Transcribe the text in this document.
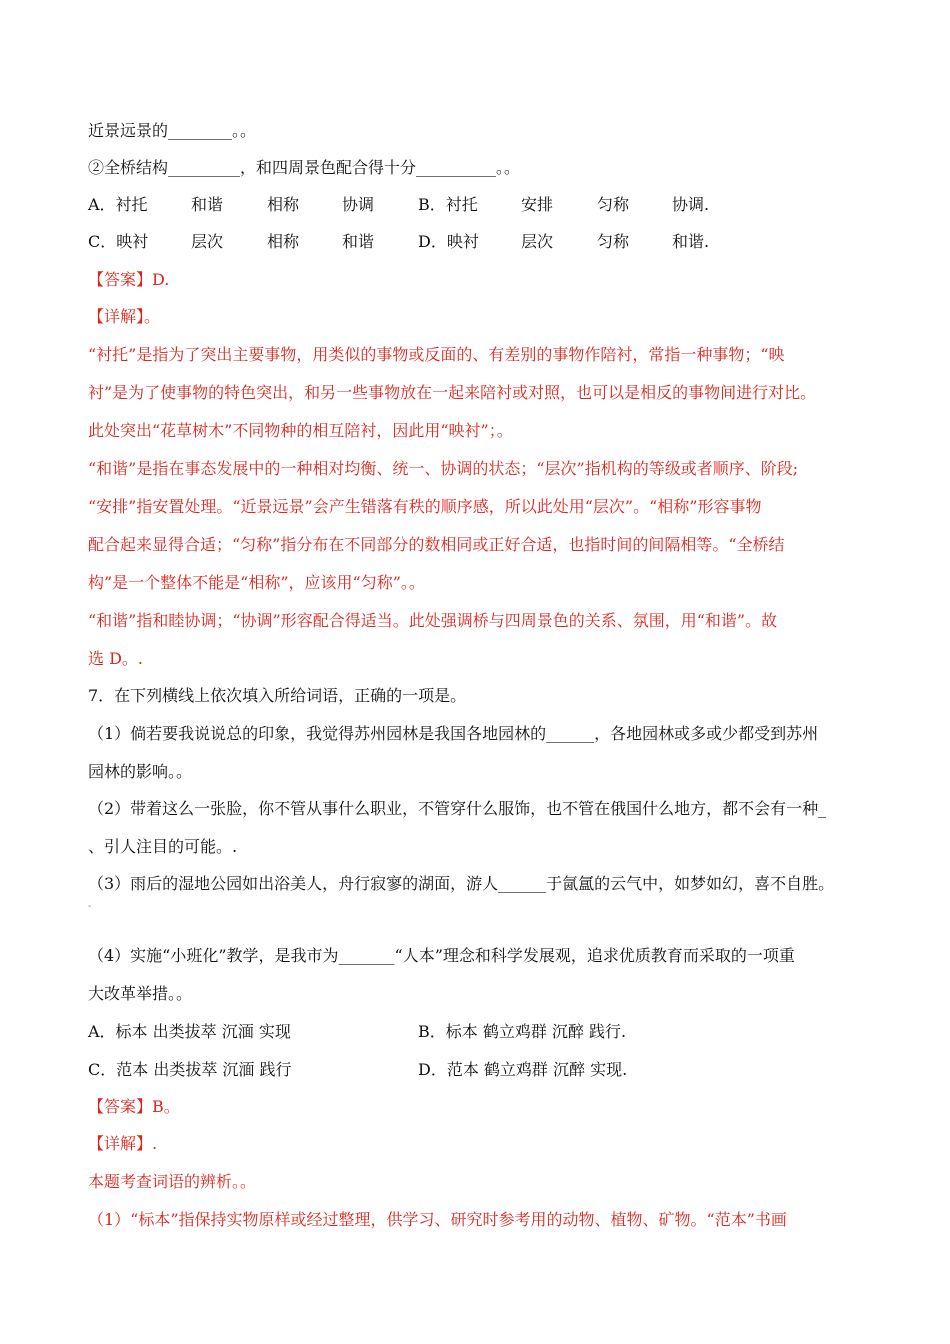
近景远景的________。。
②全桥结构_________，和四周景色配合得十分__________。。
A．衬托	和谐	相称	协调	B．衬托	安排	匀称	协调.
C．映衬	层次	相称	和谐	D．映衬	层次	匀称	和谐.
【答案】D.
【详解】。
“衬托”是指为了突出主要事物，用类似的事物或反面的、有差别的事物作陪衬，常指一种事物；“映
衬”是为了使事物的特色突出，和另一些事物放在一起来陪衬或对照，也可以是相反的事物间进行对比。
此处突出“花草树木”不同物种的相互陪衬，因此用“映衬”；。
“和谐”是指在事态发展中的一种相对均衡、统一、协调的状态；“层次”指机构的等级或者顺序、阶段;
“安排”指安置处理。“近景远景”会产生错落有秩的顺序感，所以此处用“层次”。“相称”形容事物
配合起来显得合适；“匀称”指分布在不同部分的数相同或正好合适，也指时间的间隔相等。“全桥结
构”是一个整体不能是“相称”，应该用“匀称”。。
“和谐”指和睦协调；“协调”形容配合得适当。此处强调桥与四周景色的关系、氛围，用“和谐”。故
选 D。.
7．在下列横线上依次填入所给词语，正确的一项是。
（1）倘若要我说说总的印象，我觉得苏州园林是我国各地园林的______，各地园林或多或少都受到苏州
园林的影响。。
（2）带着这么一张脸，你不管从事什么职业，不管穿什么服饰，也不管在俄国什么地方，都不会有一种_
、引人注目的可能。.
（3）雨后的湿地公园如出浴美人，舟行寂寥的湖面，游人______于氤氲的云气中，如梦如幻，喜不自胜。
-
（4）实施“小班化”教学，是我市为_______“人本”理念和科学发展观，追求优质教育而采取的一项重
大改革举措。。
A．标本 出类拔萃 沉湎 实现	B．标本 鹤立鸡群 沉醉 践行.
C．范本 出类拔萃 沉湎 践行	D．范本 鹤立鸡群 沉醉 实现.
【答案】B。
【详解】.
本题考查词语的辨析。。
（1）“标本”指保持实物原样或经过整理，供学习、研究时参考用的动物、植物、矿物。“范本”书画
